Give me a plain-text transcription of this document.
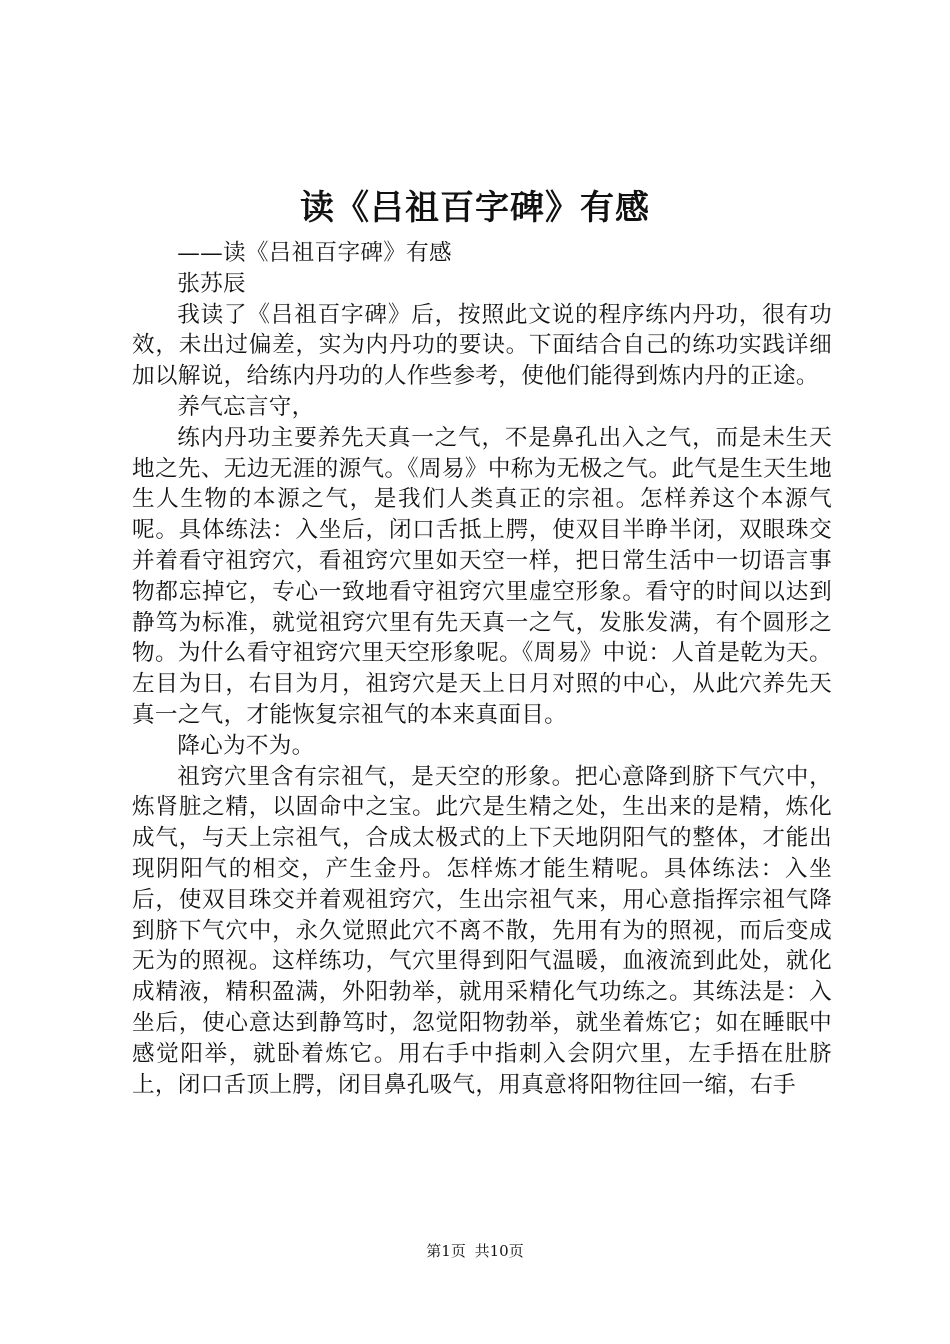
读《吕祖百字碑》有感

——读《吕祖百字碑》有感

张苏辰

我读了《吕祖百字碑》后，按照此文说的程序练内丹功，很有功效，未出过偏差，实为内丹功的要诀。下面结合自己的练功实践详细加以解说，给练内丹功的人作些参考，使他们能得到炼内丹的正途。

养气忘言守，

练内丹功主要养先天真一之气，不是鼻孔出入之气，而是未生天地之先、无边无涯的源气。《周易》中称为无极之气。此气是生天生地生人生物的本源之气，是我们人类真正的宗祖。怎样养这个本源气呢。具体练法：入坐后，闭口舌抵上腭，使双目半睁半闭，双眼珠交并着看守祖窍穴，看祖窍穴里如天空一样，把日常生活中一切语言事物都忘掉它，专心一致地看守祖窍穴里虚空形象。看守的时间以达到静笃为标准，就觉祖窍穴里有先天真一之气，发胀发满，有个圆形之物。为什么看守祖窍穴里天空形象呢。《周易》中说：人首是乾为天。左目为日，右目为月，祖窍穴是天上日月对照的中心，从此穴养先天真一之气，才能恢复宗祖气的本来真面目。

降心为不为。

祖窍穴里含有宗祖气，是天空的形象。把心意降到脐下气穴中，炼肾脏之精，以固命中之宝。此穴是生精之处，生出来的是精，炼化成气，与天上宗祖气，合成太极式的上下天地阴阳气的整体，才能出现阴阳气的相交，产生金丹。怎样炼才能生精呢。具体练法：入坐后，使双目珠交并着观祖窍穴，生出宗祖气来，用心意指挥宗祖气降到脐下气穴中，永久觉照此穴不离不散，先用有为的照视，而后变成无为的照视。这样练功，气穴里得到阳气温暖，血液流到此处，就化成精液，精积盈满，外阳勃举，就用采精化气功练之。其练法是：入坐后，使心意达到静笃时，忽觉阳物勃举，就坐着炼它；如在睡眠中感觉阳举，就卧着炼它。用右手中指刺入会阴穴里，左手捂在肚脐上，闭口舌顶上腭，闭目鼻孔吸气，用真意将阳物往回一缩，右手

第1页 共10页
